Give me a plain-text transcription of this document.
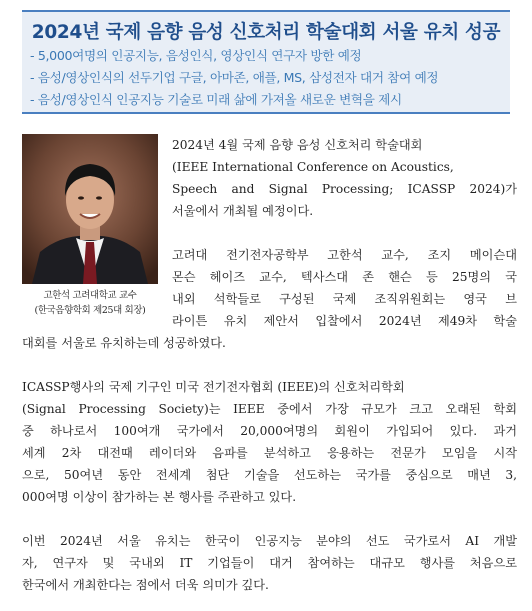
2024년 국제 음향 음성 신호처리 학술대회 서울 유치 성공
- 5,000여명의 인공지능, 음성인식, 영상인식 연구자 방한 예정
- 음성/영상인식의 선두기업 구글, 아마존, 애플, MS, 삼성전자 대거 참여 예정
- 음성/영상인식 인공지능 기술로 미래 삶에 가져올 새로운 변혁을 제시
고한석 고려대학교 교수
(한국음향학회 제25대 회장)
2024년 4월 국제 음향 음성 신호처리 학술대회
(IEEE International Conference on Acoustics,
Speech and Signal Processing; ICASSP 2024)가
서울에서 개최될 예정이다.
고려대 전기전자공학부 고한석 교수, 조지 메이슨대
몬슨 헤이즈 교수, 텍사스대 존 핸슨 등 25명의 국
내외 석학들로 구성된 국제 조직위원회는 영국 브
라이튼 유치 제안서 입찰에서 2024년 제49차 학술
대회를 서울로 유치하는데 성공하였다.
ICASSP행사의 국제 기구인 미국 전기전자협회 (IEEE)의 신호처리학회
(Signal Processing Society)는 IEEE 중에서 가장 규모가 크고 오래된 학회
중 하나로서 100여개 국가에서 20,000여명의 회원이 가입되어 있다. 과거
세계 2차 대전때 레이더와 음파를 분석하고 응용하는 전문가 모임을 시작
으로, 50여년 동안 전세계 첨단 기술을 선도하는 국가를 중심으로 매년 3,
000여명 이상이 참가하는 본 행사를 주관하고 있다.
이번 2024년 서울 유치는 한국이 인공지능 분야의 선도 국가로서 AI 개발
자, 연구자 및 국내외 IT 기업들이 대거 참여하는 대규모 행사를 처음으로
한국에서 개최한다는 점에서 더욱 의미가 깊다.
